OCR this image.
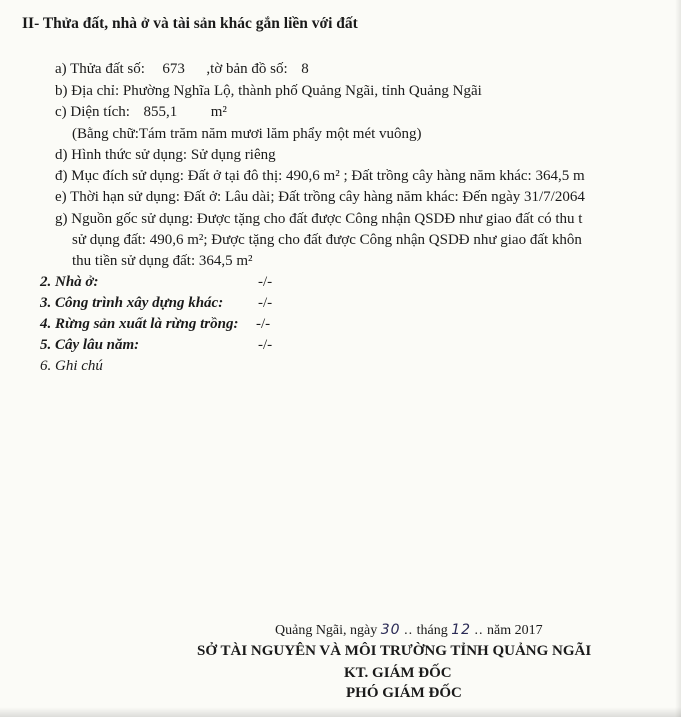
II- Thửa đất, nhà ở và tài sản khác gắn liền với đất
a) Thửa đất số: 673 ,tờ bản đồ số: 8
b) Địa chỉ: Phường Nghĩa Lộ, thành phố Quảng Ngãi, tỉnh Quảng Ngãi
c) Diện tích: 855,1 m²
(Bằng chữ:Tám trăm năm mươi lăm phẩy một mét vuông)
d) Hình thức sử dụng: Sử dụng riêng
đ) Mục đích sử dụng: Đất ở tại đô thị: 490,6 m² ; Đất trồng cây hàng năm khác: 364,5 m
e) Thời hạn sử dụng: Đất ở: Lâu dài; Đất trồng cây hàng năm khác: Đến ngày 31/7/2064
g) Nguồn gốc sử dụng: Được tặng cho đất được Công nhận QSDĐ như giao đất có thu t
sử dụng đất: 490,6 m²; Được tặng cho đất được Công nhận QSDĐ như giao đất khôn
thu tiền sử dụng đất: 364,5 m²
2. Nhà ở:	-/-
3. Công trình xây dựng khác: -/-
4. Rừng sản xuất là rừng trồng: -/-
5. Cây lâu năm:	-/-
6. Ghi chú
Quảng Ngãi, ngày 30 .. tháng 12 .. năm 2017
SỞ TÀI NGUYÊN VÀ MÔI TRƯỜNG TỈNH QUẢNG NGÃI
KT. GIÁM ĐỐC
PHÓ GIÁM ĐỐC
